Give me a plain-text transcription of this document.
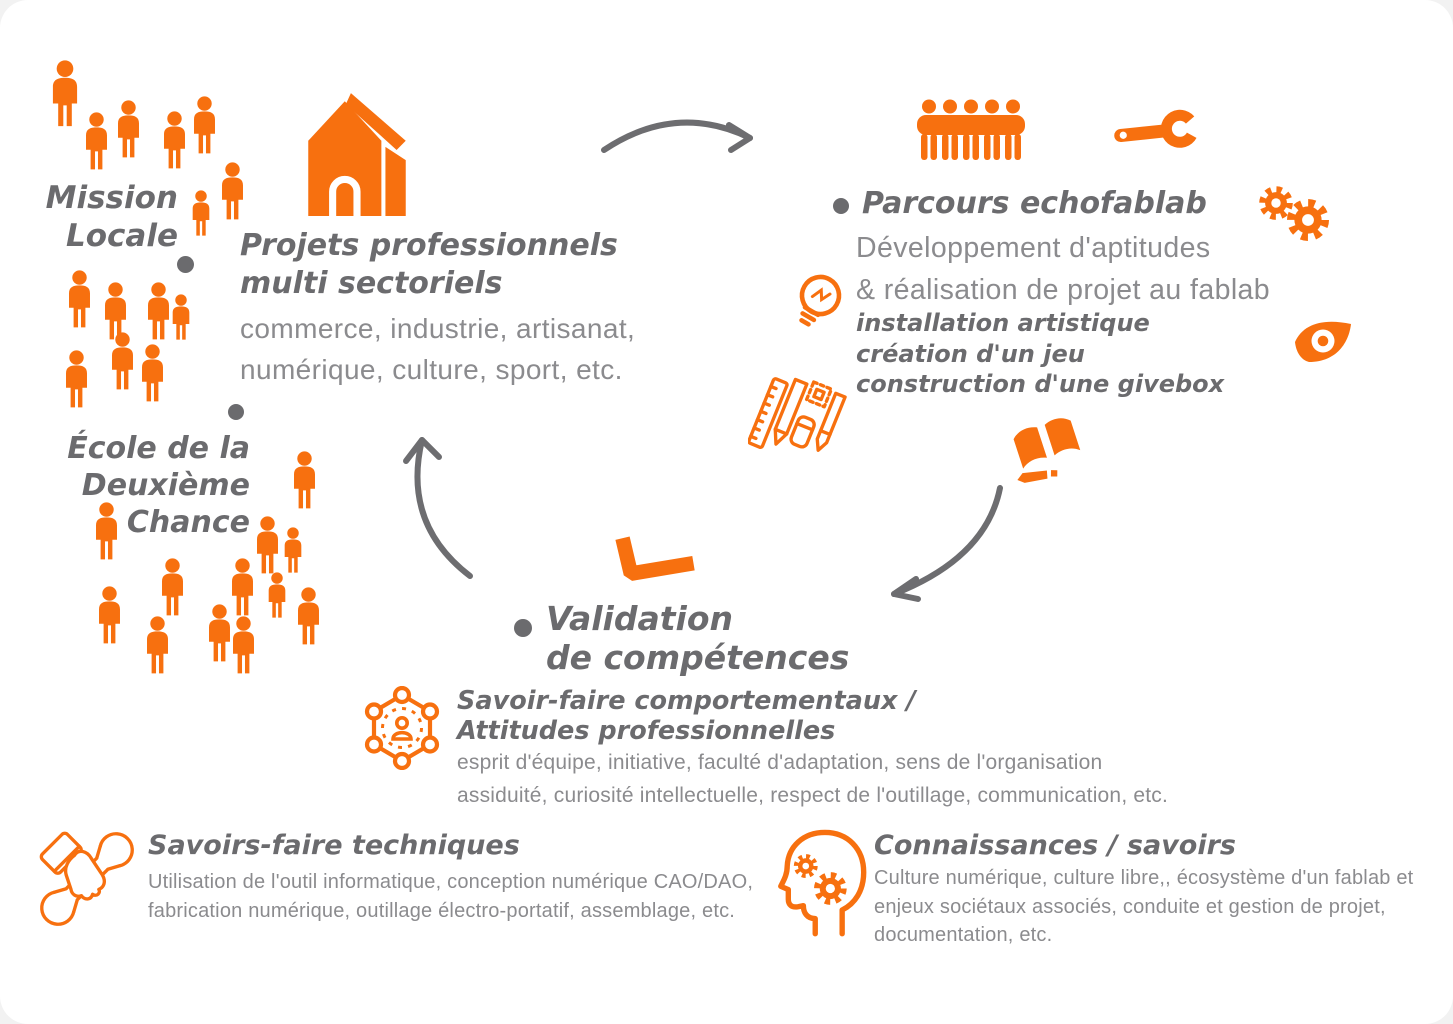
Mission
Locale Projets professionnels
multi sectoriels
commerce, industrie, artisanat,
numérique, culture, sport, etc.
Parcours echofablab
Développement d'aptitudes
& réalisation de projet au fablab
installation artistique
création d'un jeu
construction d'une givebox
École de la
Deuxième
Chance
Validation
de compétences
Savoir-faire comportementaux /
Attitudes professionnelles
esprit d'équipe, initiative, faculté d'adaptation, sens de l'organisation
assiduité, curiosité intellectuelle, respect de l'outillage, communication, etc.
Savoirs-faire techniques
Utilisation de l'outil informatique, conception numérique CAO/DAO,
fabrication numérique, outillage électro-portatif, assemblage, etc.
Connaissances / savoirs
Culture numérique, culture libre,, écosystème d'un fablab et
enjeux sociétaux associés, conduite et gestion de projet,
documentation, etc.
